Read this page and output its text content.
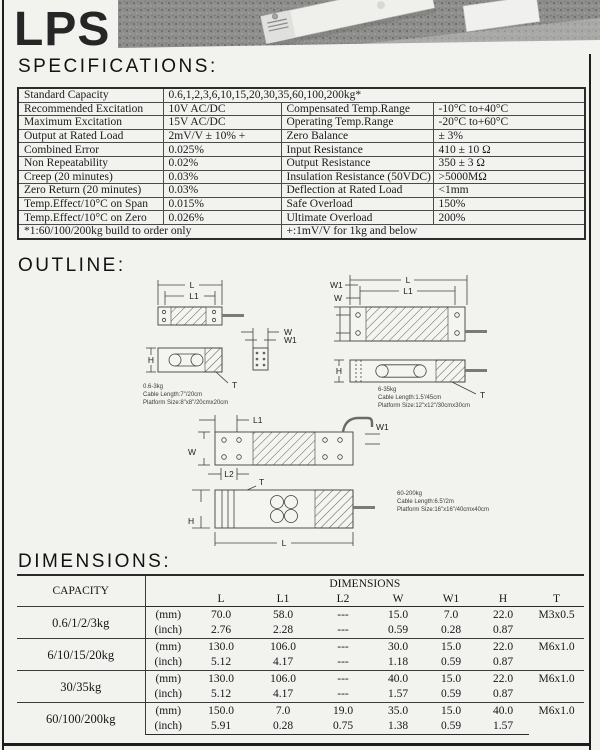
LPS
SPECIFICATIONS:
Standard Capacity	0.6,1,2,3,6,10,15,20,30,35,60,100,200kg*		
Recommended Excitation	10V AC/DC	Compensated Temp.Range	-10°C to+40°C
Maximum Excitation	15V AC/DC	Operating Temp.Range	-20°C to+60°C
Output at Rated Load	2mV/V ± 10% +	Zero Balance	± 3%
Combined Error	0.025%	Input Resistance	410 ± 10 Ω
Non Repeatability	0.02%	Output Resistance	350 ± 3 Ω
Creep (20 minutes)	0.03%	Insulation Resistance (50VDC)	>5000MΩ
Zero Return (20 minutes)	0.03%	Deflection at Rated Load	<1mm
Temp.Effect/10°C on Span	0.015%	Safe Overload	150%
Temp.Effect/10°C on Zero	0.026%	Ultimate Overload	200%
*1:60/100/200kg build to order only		+:1mV/V for 1kg and below	
OUTLINE:
L
L1
H
T
W
W1
L
L1
W1
W
H
T
L1
W1
W
L2
T
H
L
0.6-3kg
Cable Length:7"/20cm
Platform Size:8"x8"/20cmx20cm
6-35kg
Cable Length:1.5'/45cm
Platform Size:12"x12"/30cmx30cm
60-200kg
Cable Length:6.5'/2m
Platform Size:16"x16"/40cmx40cm
DIMENSIONS:
CAPACITY	DIMENSIONS							
		L	L1	L2	W	W1	H	T
0.6/1/2/3kg	(mm)	70.0	58.0	---	15.0	7.0	22.0	M3x0.5
	(inch)	2.76	2.28	---	0.59	0.28	0.87	
6/10/15/20kg	(mm)	130.0	106.0	---	30.0	15.0	22.0	M6x1.0
	(inch)	5.12	4.17	---	1.18	0.59	0.87	
30/35kg	(mm)	130.0	106.0	---	40.0	15.0	22.0	M6x1.0
	(inch)	5.12	4.17	---	1.57	0.59	0.87	
60/100/200kg	(mm)	150.0	7.0	19.0	35.0	15.0	40.0	M6x1.0
	(inch)	5.91	0.28	0.75	1.38	0.59	1.57	
